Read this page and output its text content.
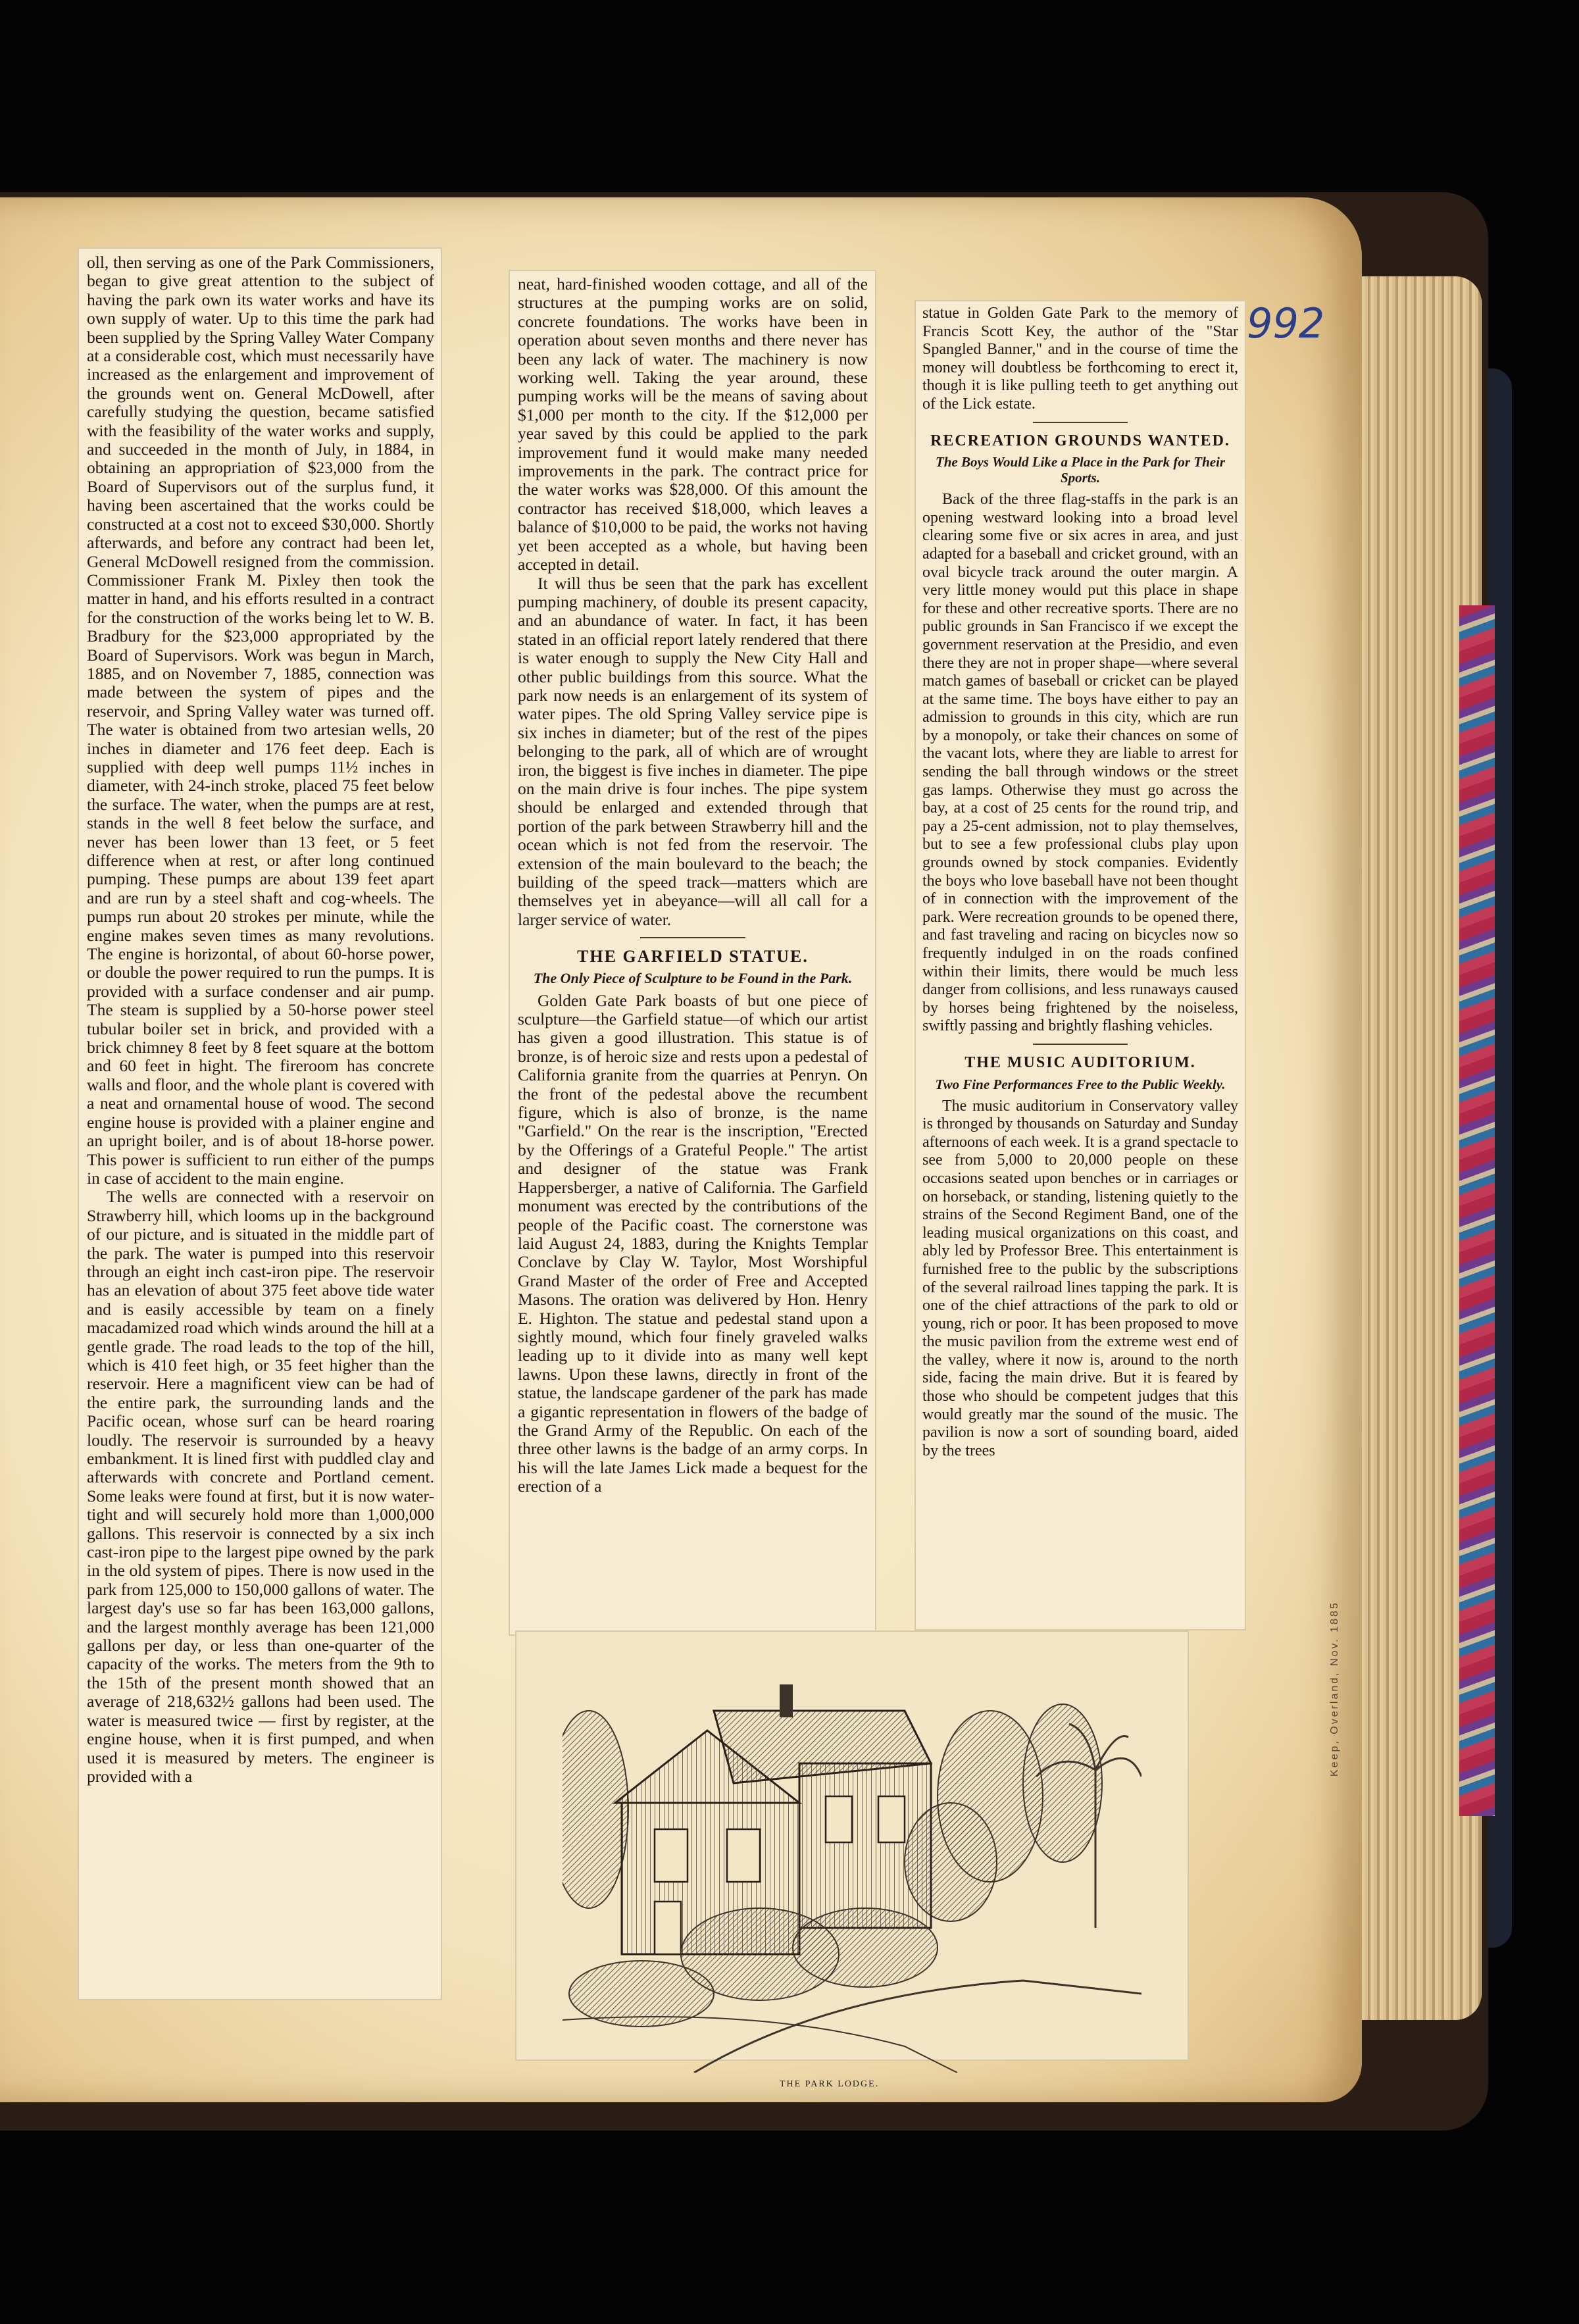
992

oll, then serving as one of the Park Commissioners, began to give great attention to the subject of having the park own its water works and have its own supply of water. Up to this time the park had been supplied by the Spring Valley Water Company at a considerable cost, which must necessarily have increased as the enlargement and improvement of the grounds went on. General McDowell, after carefully studying the question, became satisfied with the feasibility of the water works and supply, and succeeded in the month of July, in 1884, in obtaining an appropriation of $23,000 from the Board of Supervisors out of the surplus fund, it having been ascertained that the works could be constructed at a cost not to exceed $30,000. Shortly afterwards, and before any contract had been let, General McDowell resigned from the commission. Commissioner Frank M. Pixley then took the matter in hand, and his efforts resulted in a contract for the construction of the works being let to W. B. Bradbury for the $23,000 appropriated by the Board of Supervisors. Work was begun in March, 1885, and on November 7, 1885, connection was made between the system of pipes and the reservoir, and Spring Valley water was turned off. The water is obtained from two artesian wells, 20 inches in diameter and 176 feet deep. Each is supplied with deep well pumps 11½ inches in diameter, with 24-inch stroke, placed 75 feet below the surface. The water, when the pumps are at rest, stands in the well 8 feet below the surface, and never has been lower than 13 feet, or 5 feet difference when at rest, or after long continued pumping. These pumps are about 139 feet apart and are run by a steel shaft and cog-wheels. The pumps run about 20 strokes per minute, while the engine makes seven times as many revolutions. The engine is horizontal, of about 60-horse power, or double the power required to run the pumps. It is provided with a surface condenser and air pump. The steam is supplied by a 50-horse power steel tubular boiler set in brick, and provided with a brick chimney 8 feet by 8 feet square at the bottom and 60 feet in hight. The fireroom has concrete walls and floor, and the whole plant is covered with a neat and ornamental house of wood. The second engine house is provided with a plainer engine and an upright boiler, and is of about 18-horse power. This power is sufficient to run either of the pumps in case of accident to the main engine.

The wells are connected with a reservoir on Strawberry hill, which looms up in the background of our picture, and is situated in the middle part of the park. The water is pumped into this reservoir through an eight inch cast-iron pipe. The reservoir has an elevation of about 375 feet above tide water and is easily accessible by team on a finely macadamized road which winds around the hill at a gentle grade. The road leads to the top of the hill, which is 410 feet high, or 35 feet higher than the reservoir. Here a magnificent view can be had of the entire park, the surrounding lands and the Pacific ocean, whose surf can be heard roaring loudly. The reservoir is surrounded by a heavy embankment. It is lined first with puddled clay and afterwards with concrete and Portland cement. Some leaks were found at first, but it is now water-tight and will securely hold more than 1,000,000 gallons. This reservoir is connected by a six inch cast-iron pipe to the largest pipe owned by the park in the old system of pipes. There is now used in the park from 125,000 to 150,000 gallons of water. The largest day's use so far has been 163,000 gallons, and the largest monthly average has been 121,000 gallons per day, or less than one-quarter of the capacity of the works. The meters from the 9th to the 15th of the present month showed that an average of 218,632½ gallons had been used. The water is measured twice — first by register, at the engine house, when it is first pumped, and when used it is measured by meters. The engineer is provided with a

neat, hard-finished wooden cottage, and all of the structures at the pumping works are on solid, concrete foundations. The works have been in operation about seven months and there never has been any lack of water. The machinery is now working well. Taking the year around, these pumping works will be the means of saving about $1,000 per month to the city. If the $12,000 per year saved by this could be applied to the park improvement fund it would make many needed improvements in the park. The contract price for the water works was $28,000. Of this amount the contractor has received $18,000, which leaves a balance of $10,000 to be paid, the works not having yet been accepted as a whole, but having been accepted in detail.

It will thus be seen that the park has excellent pumping machinery, of double its present capacity, and an abundance of water. In fact, it has been stated in an official report lately rendered that there is water enough to supply the New City Hall and other public buildings from this source. What the park now needs is an enlargement of its system of water pipes. The old Spring Valley service pipe is six inches in diameter; but of the rest of the pipes belonging to the park, all of which are of wrought iron, the biggest is five inches in diameter. The pipe on the main drive is four inches. The pipe system should be enlarged and extended through that portion of the park between Strawberry hill and the ocean which is not fed from the reservoir. The extension of the main boulevard to the beach; the building of the speed track—matters which are themselves yet in abeyance—will all call for a larger service of water.

THE GARFIELD STATUE.
The Only Piece of Sculpture to be Found in the Park.

Golden Gate Park boasts of but one piece of sculpture—the Garfield statue—of which our artist has given a good illustration. This statue is of bronze, is of heroic size and rests upon a pedestal of California granite from the quarries at Penryn. On the front of the pedestal above the recumbent figure, which is also of bronze, is the name "Garfield." On the rear is the inscription, "Erected by the Offerings of a Grateful People." The artist and designer of the statue was Frank Happersberger, a native of California. The Garfield monument was erected by the contributions of the people of the Pacific coast. The cornerstone was laid August 24, 1883, during the Knights Templar Conclave by Clay W. Taylor, Most Worshipful Grand Master of the order of Free and Accepted Masons. The oration was delivered by Hon. Henry E. Highton. The statue and pedestal stand upon a sightly mound, which four finely graveled walks leading up to it divide into as many well kept lawns. Upon these lawns, directly in front of the statue, the landscape gardener of the park has made a gigantic representation in flowers of the badge of the Grand Army of the Republic. On each of the three other lawns is the badge of an army corps. In his will the late James Lick made a bequest for the erection of a

statue in Golden Gate Park to the memory of Francis Scott Key, the author of the "Star Spangled Banner," and in the course of time the money will doubtless be forthcoming to erect it, though it is like pulling teeth to get anything out of the Lick estate.

RECREATION GROUNDS WANTED.
The Boys Would Like a Place in the Park for Their Sports.

Back of the three flag-staffs in the park is an opening westward looking into a broad level clearing some five or six acres in area, and just adapted for a baseball and cricket ground, with an oval bicycle track around the outer margin. A very little money would put this place in shape for these and other recreative sports. There are no public grounds in San Francisco if we except the government reservation at the Presidio, and even there they are not in proper shape—where several match games of baseball or cricket can be played at the same time. The boys have either to pay an admission to grounds in this city, which are run by a monopoly, or take their chances on some of the vacant lots, where they are liable to arrest for sending the ball through windows or the street gas lamps. Otherwise they must go across the bay, at a cost of 25 cents for the round trip, and pay a 25-cent admission, not to play themselves, but to see a few professional clubs play upon grounds owned by stock companies. Evidently the boys who love baseball have not been thought of in connection with the improvement of the park. Were recreation grounds to be opened there, and fast traveling and racing on bicycles now so frequently indulged in on the roads confined within their limits, there would be much less danger from collisions, and less runaways caused by horses being frightened by the noiseless, swiftly passing and brightly flashing vehicles.

THE MUSIC AUDITORIUM.
Two Fine Performances Free to the Public Weekly.

The music auditorium in Conservatory valley is thronged by thousands on Saturday and Sunday afternoons of each week. It is a grand spectacle to see from 5,000 to 20,000 people on these occasions seated upon benches or in carriages or on horseback, or standing, listening quietly to the strains of the Second Regiment Band, one of the leading musical organizations on this coast, and ably led by Professor Bree. This entertainment is furnished free to the public by the subscriptions of the several railroad lines tapping the park. It is one of the chief attractions of the park to old or young, rich or poor. It has been proposed to move the music pavilion from the extreme west end of the valley, where it now is, around to the north side, facing the main drive. But it is feared by those who should be competent judges that this would greatly mar the sound of the music. The pavilion is now a sort of sounding board, aided by the trees

THE PARK LODGE.
Keep, Overland, Nov. 1885
